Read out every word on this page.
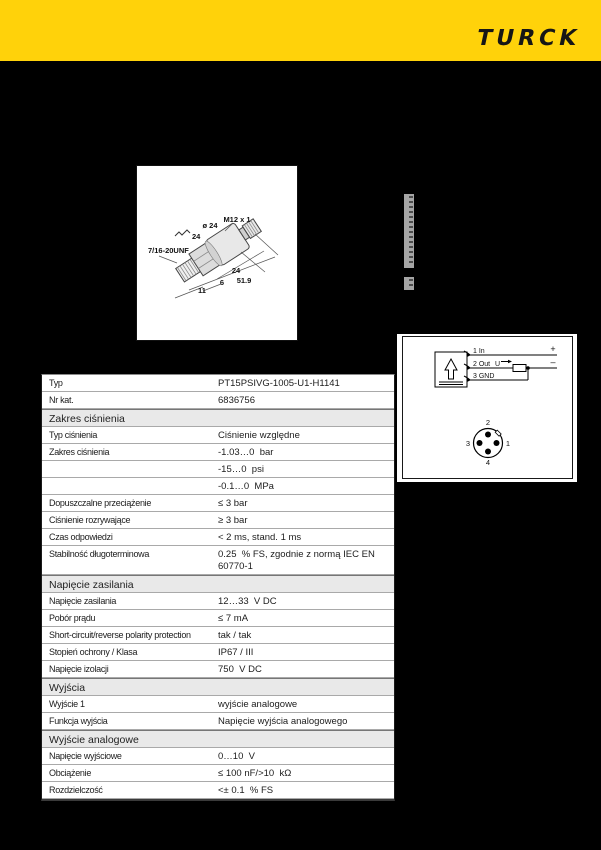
TURCK
M12 x 1
ø 24
24
7/16-20UNF
24
51.9
6
11
1 In
2 Out U
3 GND
+
–
2
1
3
4
Typ	PT15PSIVG-1005-U1-H1141
Nr kat.	6836756
Zakres ciśnienia
Typ ciśnienia	Ciśnienie względne
Zakres ciśnienia	-1.03…0  bar
-15…0  psi
-0.1…0  MPa
Dopuszczalne przeciążenie	≤ 3 bar
Ciśnienie rozrywające	≥ 3 bar
Czas odpowiedzi	< 2 ms, stand. 1 ms
Stabilność długoterminowa	0.25  % FS, zgodnie z normą IEC EN 60770-1
Napięcie zasilania
Napięcie zasilania	12…33  V DC
Pobór prądu	≤ 7 mA
Short-circuit/reverse polarity protection	tak / tak
Stopień ochrony / Klasa	IP67 / III
Napięcie izolacji	750  V DC
Wyjścia
Wyjście 1	wyjście analogowe
Funkcja wyjścia	Napięcie wyjścia analogowego
Wyjście analogowe
Napięcie wyjściowe	0…10  V
Obciążenie	≤ 100 nF/>10  kΩ
Rozdzielczość	<± 0.1  % FS
